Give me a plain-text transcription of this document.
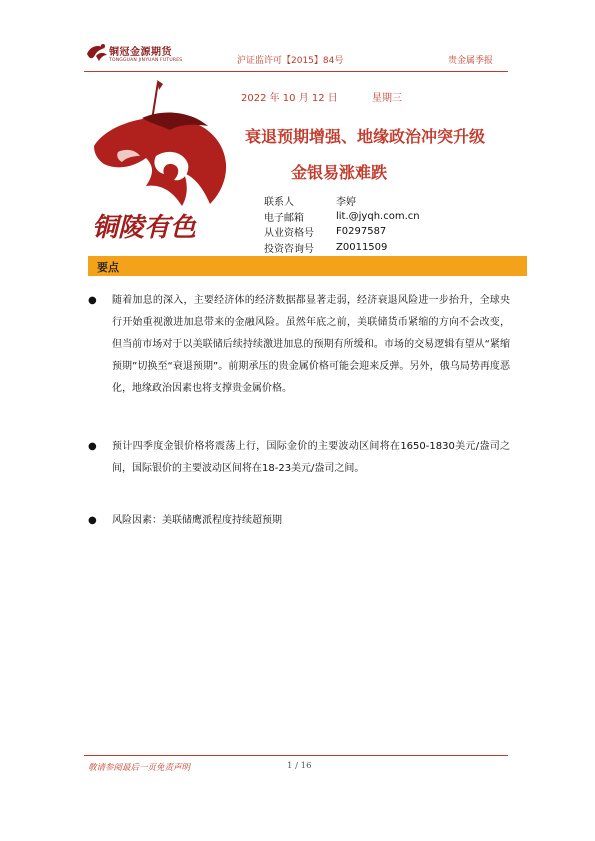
铜冠金源期货
TONGGUAN JINYUAN FUTURES	沪证监许可【2015】84号	贵金属季报
铜陵有色
2022 年 10 月 12 日	星期三
衰退预期增强、地缘政治冲突升级
金银易涨难跌
联系人	李婷
电子邮箱	lit.@jyqh.com.cn
从业资格号	F0297587
投资咨询号	Z0011509
要点
● 随着加息的深入，主要经济体的经济数据都显著走弱，经济衰退风险进一步抬升，全球央行开始重视激进加息带来的金融风险。虽然年底之前，美联储货币紧缩的方向不会改变，但当前市场对于以美联储后续持续激进加息的预期有所缓和。市场的交易逻辑有望从“紧缩预期”切换至“衰退预期”。前期承压的贵金属价格可能会迎来反弹。另外，俄乌局势再度恶化，地缘政治因素也将支撑贵金属价格。
● 预计四季度金银价格将震荡上行，国际金价的主要波动区间将在1650-1830美元/盎司之间，国际银价的主要波动区间将在18-23美元/盎司之间。
● 风险因素：美联储鹰派程度持续超预期
敬请参阅最后一页免责声明	1 / 16
